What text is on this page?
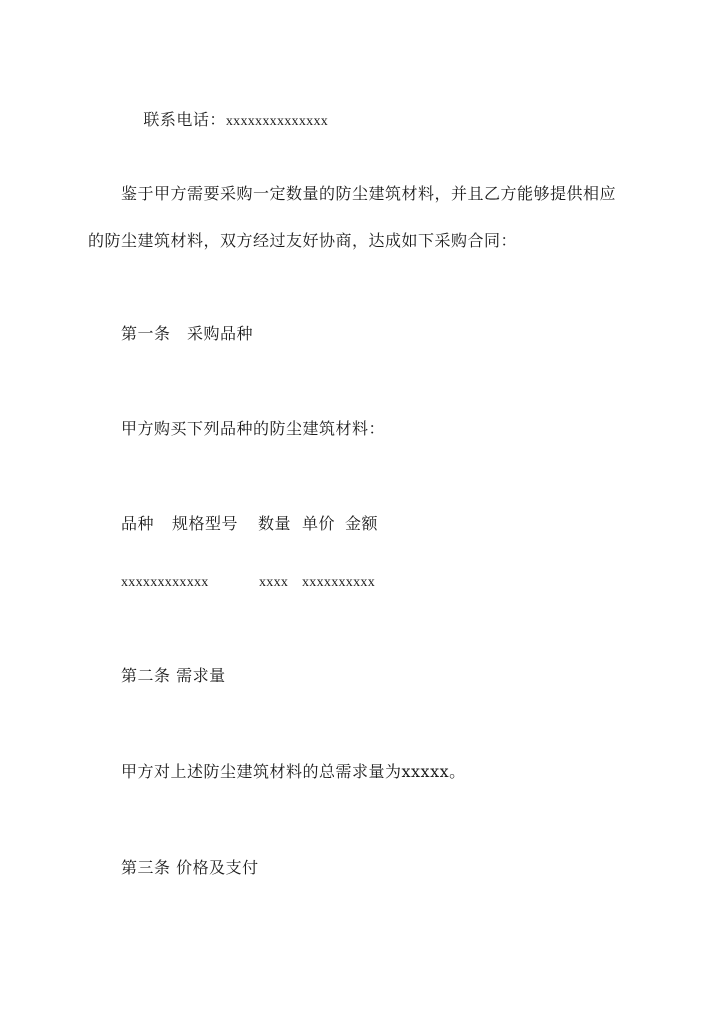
联系电话：xxxxxxxxxxxxxx

鉴于甲方需要采购一定数量的防尘建筑材料，并且乙方能够提供相应
的防尘建筑材料，双方经过友好协商，达成如下采购合同：
第一条　采购品种
甲方购买下列品种的防尘建筑材料：
品种 规格型号 数量 单价 金额
xxxxxxxxxxxx	xxxx xxxxxxxxxx
第二条 需求量
甲方对上述防尘建筑材料的总需求量为xxxxx。
第三条 价格及支付
